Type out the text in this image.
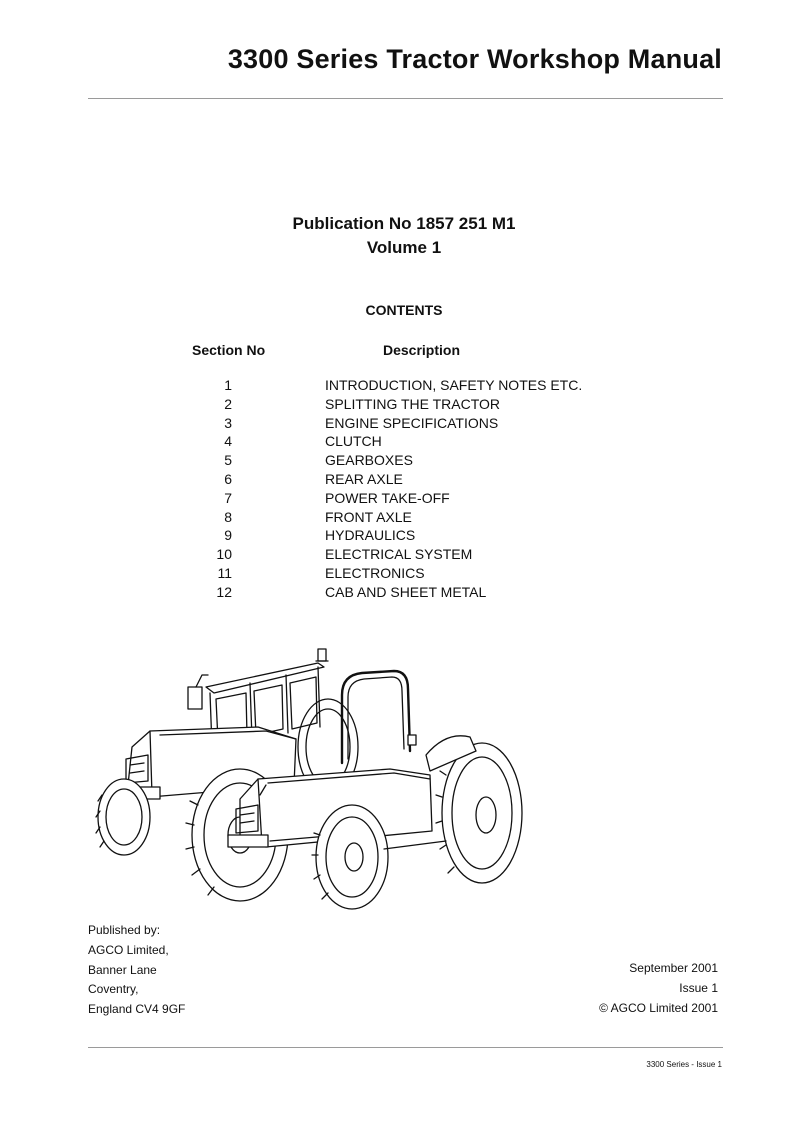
3300 Series Tractor Workshop Manual
Publication No 1857 251 M1
Volume 1
CONTENTS
Section No	Description
1	INTRODUCTION, SAFETY NOTES ETC.
2	SPLITTING THE TRACTOR
3	ENGINE SPECIFICATIONS
4	CLUTCH
5	GEARBOXES
6	REAR AXLE
7	POWER TAKE-OFF
8	FRONT AXLE
9	HYDRAULICS
10	ELECTRICAL SYSTEM
11	ELECTRONICS
12	CAB AND SHEET METAL
Published by:
AGCO Limited,
Banner Lane
Coventry,
England CV4 9GF
September 2001
Issue 1
© AGCO Limited 2001
3300 Series - Issue 1
